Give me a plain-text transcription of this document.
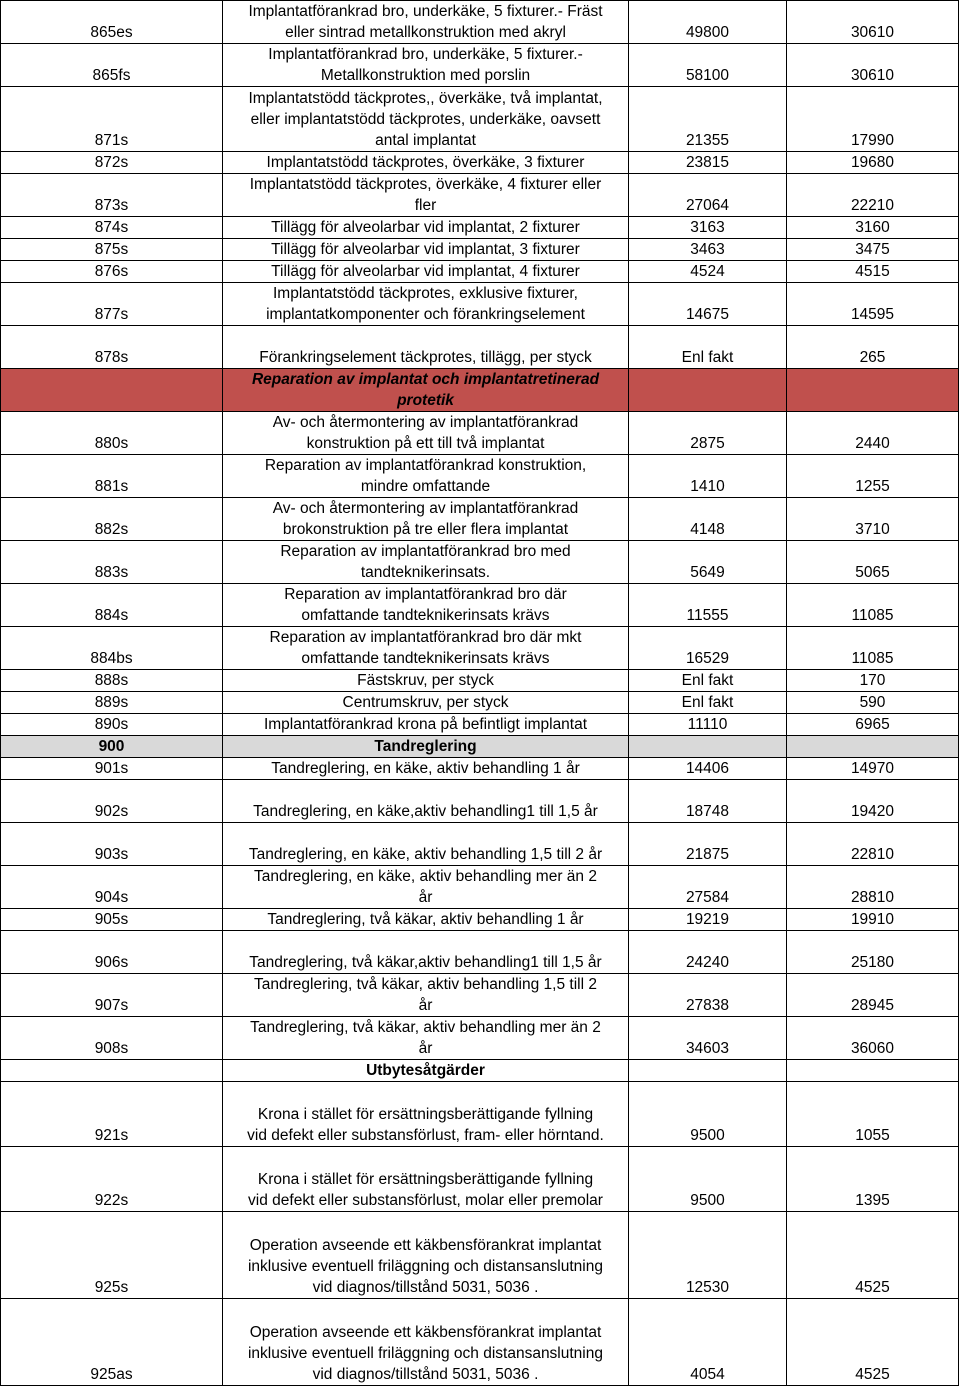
865es	Implantatförankrad bro, underkäke, 5 fixturer.- Fräst
eller sintrad metallkonstruktion med akryl	49800	30610
865fs	Implantatförankrad bro, underkäke, 5 fixturer.-
Metallkonstruktion med porslin	58100	30610
871s	Implantatstödd täckprotes,, överkäke, två implantat,
eller implantatstödd täckprotes, underkäke, oavsett
antal implantat	21355	17990
872s	Implantatstödd täckprotes, överkäke, 3 fixturer	23815	19680
873s	Implantatstödd täckprotes, överkäke, 4 fixturer eller
fler	27064	22210
874s	Tillägg för alveolarbar vid implantat, 2 fixturer	3163	3160
875s	Tillägg för alveolarbar vid implantat, 3 fixturer	3463	3475
876s	Tillägg för alveolarbar vid implantat, 4 fixturer	4524	4515
877s	Implantatstödd täckprotes, exklusive fixturer,
implantatkomponenter och förankringselement	14675	14595
878s	Förankringselement täckprotes, tillägg, per styck	Enl fakt	265
	Reparation av implantat och implantatretinerad
protetik		
880s	Av- och återmontering av implantatförankrad
konstruktion på ett till två implantat	2875	2440
881s	Reparation av implantatförankrad konstruktion,
mindre omfattande	1410	1255
882s	Av- och återmontering av implantatförankrad
brokonstruktion på tre eller flera implantat	4148	3710
883s	Reparation av implantatförankrad bro med
tandteknikerinsats.	5649	5065
884s	Reparation av implantatförankrad bro där
omfattande tandteknikerinsats krävs	11555	11085
884bs	Reparation av implantatförankrad bro där mkt
omfattande tandteknikerinsats krävs	16529	11085
888s	Fästskruv, per styck	Enl fakt	170
889s	Centrumskruv, per styck	Enl fakt	590
890s	Implantatförankrad krona på befintligt implantat	11110	6965
900	Tandreglering		
901s	Tandreglering, en käke, aktiv behandling 1 år	14406	14970
902s	Tandreglering, en käke,aktiv behandling1 till 1,5 år	18748	19420
903s	Tandreglering, en käke, aktiv behandling 1,5 till 2 år	21875	22810
904s	Tandreglering, en käke, aktiv behandling mer än 2
år	27584	28810
905s	Tandreglering, två käkar, aktiv behandling 1 år	19219	19910
906s	Tandreglering, två käkar,aktiv behandling1 till 1,5 år	24240	25180
907s	Tandreglering, två käkar, aktiv behandling 1,5 till 2
år	27838	28945
908s	Tandreglering, två käkar, aktiv behandling mer än 2
år	34603	36060
	Utbytesåtgärder		
921s	Krona i stället för ersättningsberättigande fyllning
vid defekt eller substansförlust, fram- eller hörntand.	9500	1055
922s	Krona i stället för ersättningsberättigande fyllning
vid defekt eller substansförlust, molar eller premolar	9500	1395
925s	Operation avseende ett käkbensförankrat implantat
inklusive eventuell friläggning och distansanslutning
vid diagnos/tillstånd 5031, 5036 .	12530	4525
925as	Operation avseende ett käkbensförankrat implantat
inklusive eventuell friläggning och distansanslutning
vid diagnos/tillstånd 5031, 5036 .	4054	4525
